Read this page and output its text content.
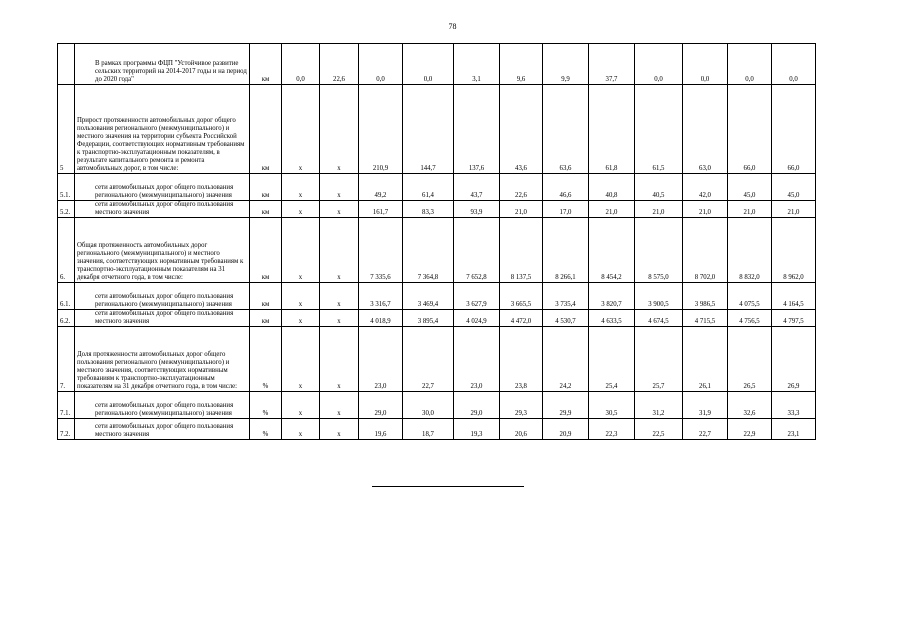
78
	В рамках программы ФЦП "Устойчивое развитие сельских территорий на 2014-2017 годы и на период до 2020 года"	км	0,0	22,6	0,0	0,0	3,1	9,6	9,9	37,7	0,0	0,0	0,0	0,0
5	Прирост протяженности автомобильных дорог общего пользования регионального (межмуниципального) и местного значения на территории субъекта Российской Федерации, соответствующих нормативным требованиям к транспортно-эксплуатационным показателям, в результате капитального ремонта и ремонта автомобильных дорог, в том числе:	км	х	х	210,9	144,7	137,6	43,6	63,6	61,8	61,5	63,0	66,0	66,0
5.1.	сети автомобильных дорог общего пользования регионального (межмуниципального) значения	км	х	х	49,2	61,4	43,7	22,6	46,6	40,8	40,5	42,0	45,0	45,0
5.2.	сети автомобильных дорог общего пользования местного значения	км	х	х	161,7	83,3	93,9	21,0	17,0	21,0	21,0	21,0	21,0	21,0
6.	Общая протяженность автомобильных дорог регионального (межмуниципального) и местного значения, соответствующих нормативным требованиям к транспортно-эксплуатационным показателям на 31 декабря отчетного года, в том числе:	км	х	х	7 335,6	7 364,8	7 652,8	8 137,5	8 266,1	8 454,2	8 575,0	8 702,0	8 832,0	8 962,0
6.1.	сети автомобильных дорог общего пользования регионального (межмуниципального) значения	км	х	х	3 316,7	3 469,4	3 627,9	3 665,5	3 735,4	3 820,7	3 900,5	3 986,5	4 075,5	4 164,5
6.2.	сети автомобильных дорог общего пользования местного значения	км	х	х	4 018,9	3 895,4	4 024,9	4 472,0	4 530,7	4 633,5	4 674,5	4 715,5	4 756,5	4 797,5
7.	Доля протяженности автомобильных дорог общего пользования регионального (межмуниципального) и местного значения, соответствующих нормативным требованиям к транспортно-эксплуатационным показателям на 31 декабря отчетного года, в том числе:	%	х	х	23,0	22,7	23,0	23,8	24,2	25,4	25,7	26,1	26,5	26,9
7.1.	сети автомобильных дорог общего пользования регионального (межмуниципального) значения	%	х	х	29,0	30,0	29,0	29,3	29,9	30,5	31,2	31,9	32,6	33,3
7.2.	сети автомобильных дорог общего пользования местного значения	%	х	х	19,6	18,7	19,3	20,6	20,9	22,3	22,5	22,7	22,9	23,1
